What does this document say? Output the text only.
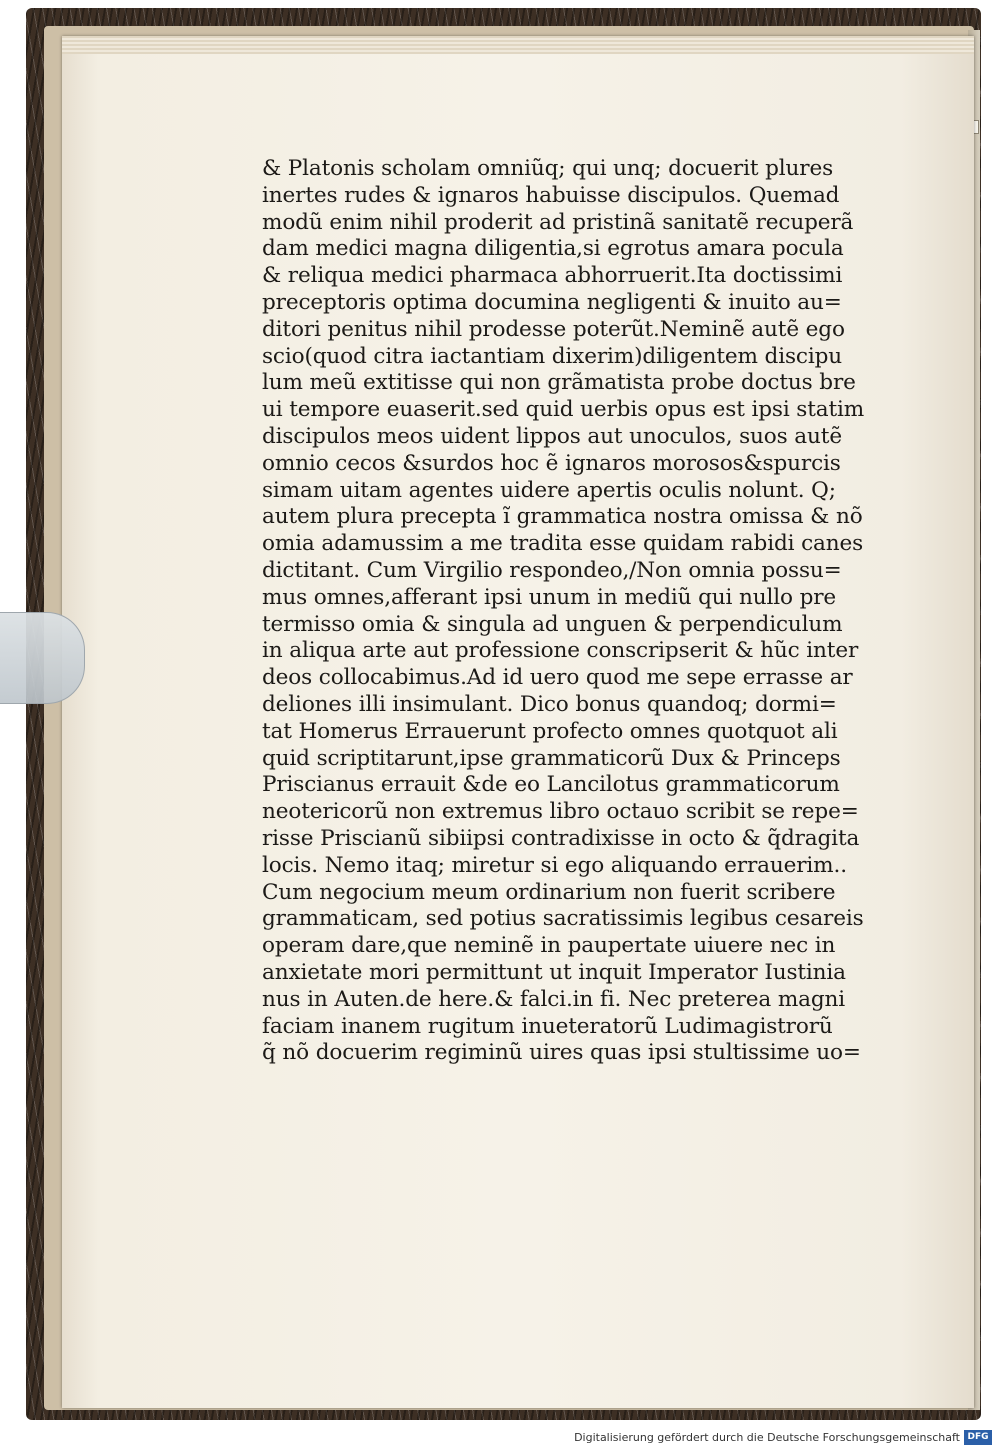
& Platonis scholam omniũq; qui unq; docuerit plures
inertes rudes & ignaros habuisse discipulos. Quemad
modũ enim nihil proderit ad pristinã sanitatẽ recuperã
dam medici magna diligentia,si egrotus amara pocula
& reliqua medici pharmaca abhorruerit.Ita doctissimi
preceptoris optima documina negligenti & inuito au=
ditori penitus nihil prodesse poterũt.Neminẽ autẽ ego
scio(quod citra iactantiam dixerim)diligentem discipu
lum meũ extitisse qui non grãmatista probe doctus bre
ui tempore euaserit.sed quid uerbis opus est ipsi statim
discipulos meos uident lippos aut unoculos, suos autẽ
omnio cecos &surdos hoc ẽ ignaros morosos&spurcis
simam uitam agentes uidere apertis oculis nolunt. Q;
autem plura precepta ĩ grammatica nostra omissa & nõ
omia adamussim a me tradita esse quidam rabidi canes
dictitant. Cum Virgilio respondeo,/Non omnia possu=
mus omnes,afferant ipsi unum in mediũ qui nullo pre
termisso omia & singula ad unguen & perpendiculum
in aliqua arte aut professione conscripserit & hũc inter
deos collocabimus.Ad id uero quod me sepe errasse ar
deliones illi insimulant. Dico bonus quandoq; dormi=
tat Homerus Errauerunt profecto omnes quotquot ali
quid scriptitarunt,ipse grammaticorũ Dux & Princeps
Priscianus errauit &de eo Lancilotus grammaticorum
neotericorũ non extremus libro octauo scribit se repe=
risse Priscianũ sibiipsi contradixisse in octo & q̃dragita
locis. Nemo itaq; miretur si ego aliquando errauerim..
Cum negocium meum ordinarium non fuerit scribere
grammaticam, sed potius sacratissimis legibus cesareis
operam dare,que neminẽ in paupertate uiuere nec in
anxietate mori permittunt ut inquit Imperator Iustinia
nus in Auten.de here.& falci.in fi. Nec preterea magni
faciam inanem rugitum inueteratorũ Ludimagistrorũ
q̃ nõ docuerim regiminũ uires quas ipsi stultissime uo=
Digitalisierung gefördert durch die Deutsche Forschungsgemeinschaft DFG
